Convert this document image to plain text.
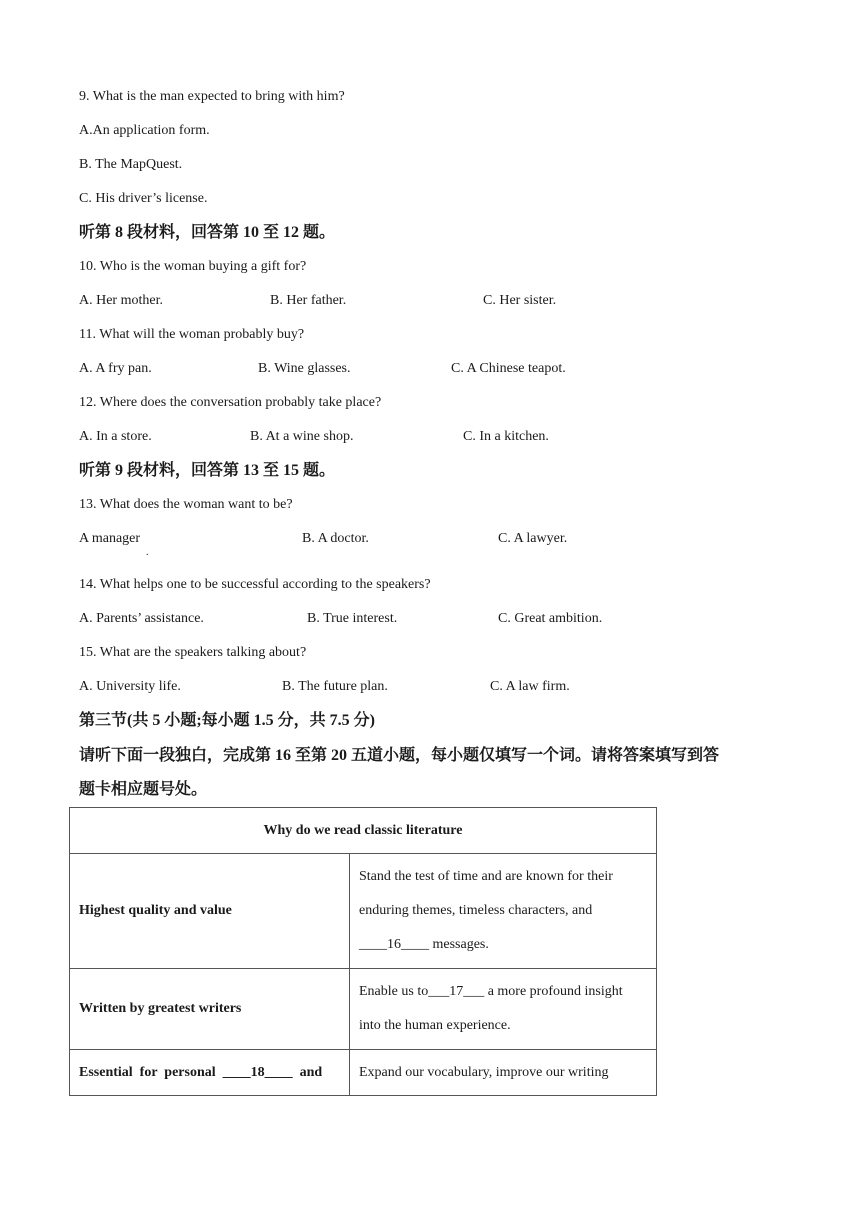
9. What is the man expected to bring with him?
A.An application form.
B. The MapQuest.
C. His driver’s license.
听第 8 段材料，回答第 10 至 12 题。
10. Who is the woman buying a gift for?
A. Her mother.	B. Her father.	C. Her sister.
11. What will the woman probably buy?
A. A fry pan.	B. Wine glasses.	C. A Chinese teapot.
12. Where does the conversation probably take place?
A. In a store.	B. At a wine shop.	C. In a kitchen.
听第 9 段材料，回答第 13 至 15 题。
13. What does the woman want to be?
A manager
.
B. A doctor.	C. A lawyer.
14. What helps one to be successful according to the speakers?
A. Parents’ assistance.	B. True interest.	C. Great ambition.
15. What are the speakers talking about?
A. University life.	B. The future plan.	C. A law firm.
第三节(共 5 小题;每小题 1.5 分，共 7.5 分)
请听下面一段独白，完成第 16 至第 20 五道小题，每小题仅填写一个词。请将答案填写到答
题卡相应题号处。
Why do we read classic literature	
Highest quality and value	Stand the test of time and are known for their
enduring themes, timeless characters, and
____16____ messages.

Written by greatest writers	Enable us to___17___ a more profound insight
into the human experience.

Essential  for  personal  ____18____  and	Expand our vocabulary, improve our writing
